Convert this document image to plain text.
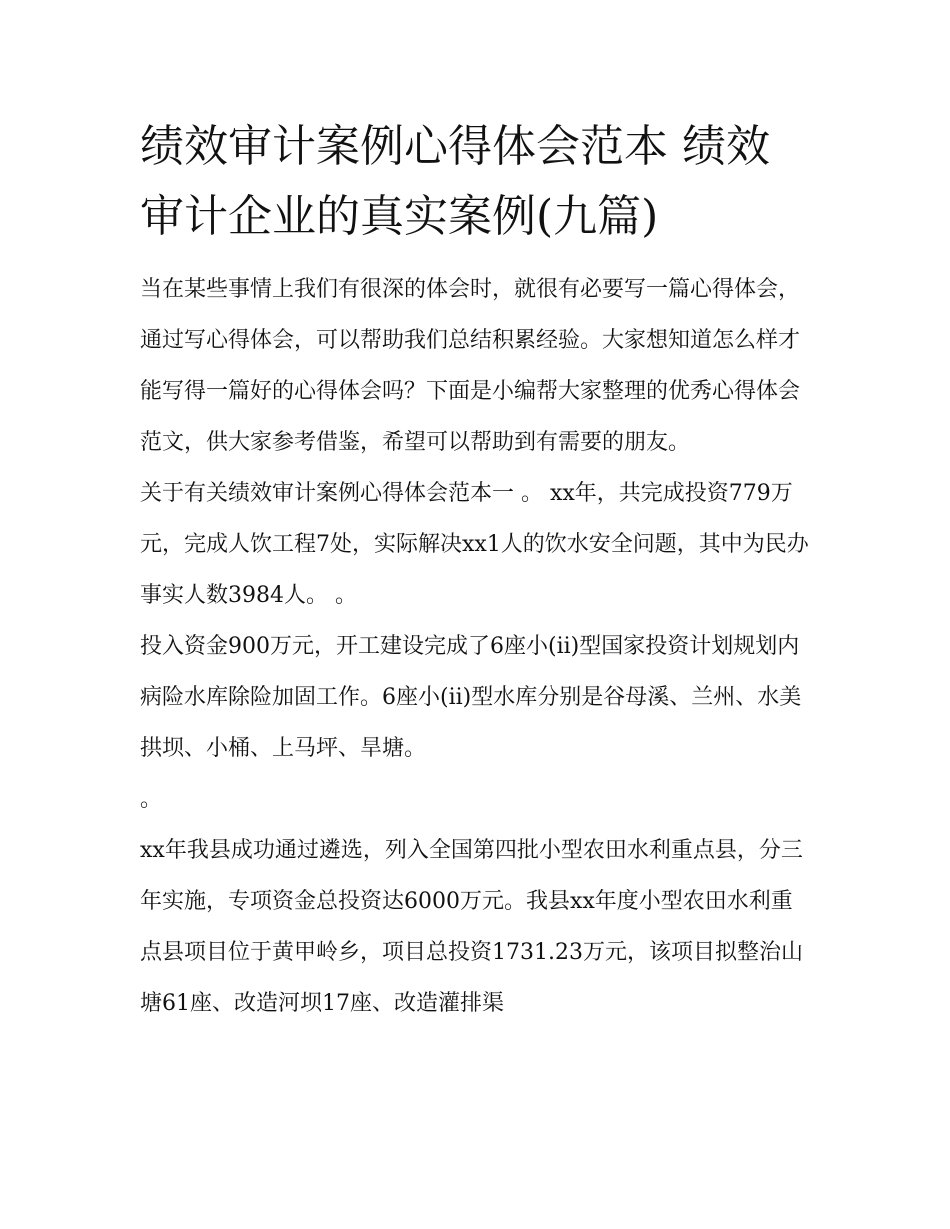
绩效审计案例心得体会范本 绩效审计企业的真实案例(九篇)

当在某些事情上我们有很深的体会时，就很有必要写一篇心得体会，通过写心得体会，可以帮助我们总结积累经验。大家想知道怎么样才能写得一篇好的心得体会吗？下面是小编帮大家整理的优秀心得体会范文，供大家参考借鉴，希望可以帮助到有需要的朋友。

关于有关绩效审计案例心得体会范本一 。 xx年，共完成投资779万元，完成人饮工程7处，实际解决xx1人的饮水安全问题，其中为民办事实人数3984人。 。

投入资金900万元，开工建设完成了6座小(ii)型国家投资计划规划内病险水库除险加固工作。6座小(ii)型水库分别是谷母溪、兰州、水美拱坝、小桶、上马坪、旱塘。

。

xx年我县成功通过遴选，列入全国第四批小型农田水利重点县，分三年实施，专项资金总投资达6000万元。我县xx年度小型农田水利重点县项目位于黄甲岭乡，项目总投资1731.23万元，该项目拟整治山塘61座、改造河坝17座、改造灌排渠
